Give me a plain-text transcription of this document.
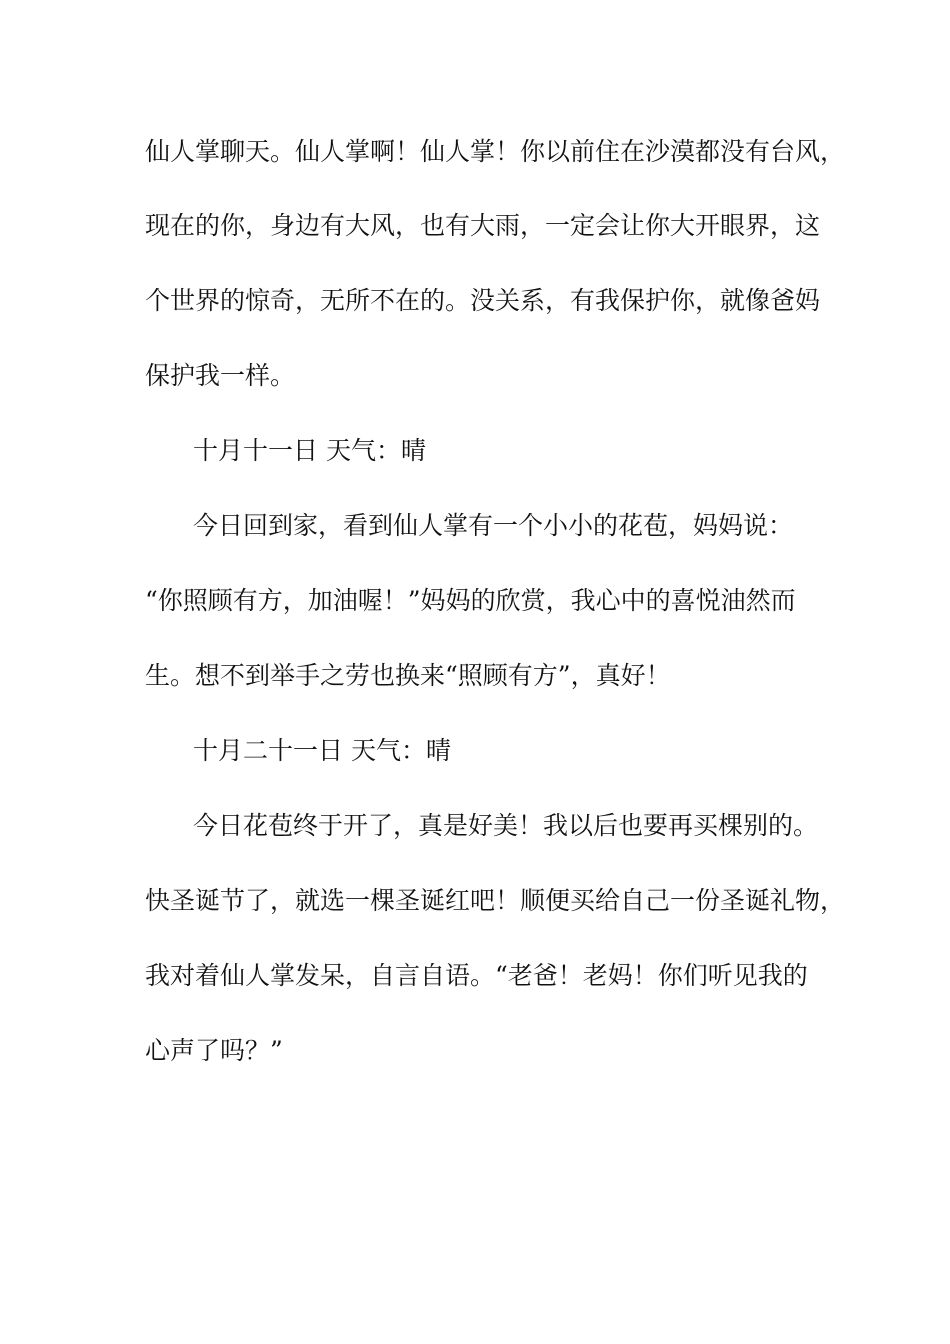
仙人掌聊天。仙人掌啊！仙人掌！你以前住在沙漠都没有台风，
现在的你，身边有大风，也有大雨，一定会让你大开眼界，这
个世界的惊奇，无所不在的。没关系，有我保护你，就像爸妈
保护我一样。
十月十一日 天气：晴
今日回到家，看到仙人掌有一个小小的花苞，妈妈说：
“你照顾有方，加油喔！”妈妈的欣赏，我心中的喜悦油然而
生。想不到举手之劳也换来“照顾有方”，真好！
十月二十一日 天气：晴
今日花苞终于开了，真是好美！我以后也要再买棵别的。
快圣诞节了，就选一棵圣诞红吧！顺便买给自己一份圣诞礼物，
我对着仙人掌发呆，自言自语。“老爸！老妈！你们听见我的
心声了吗？”
